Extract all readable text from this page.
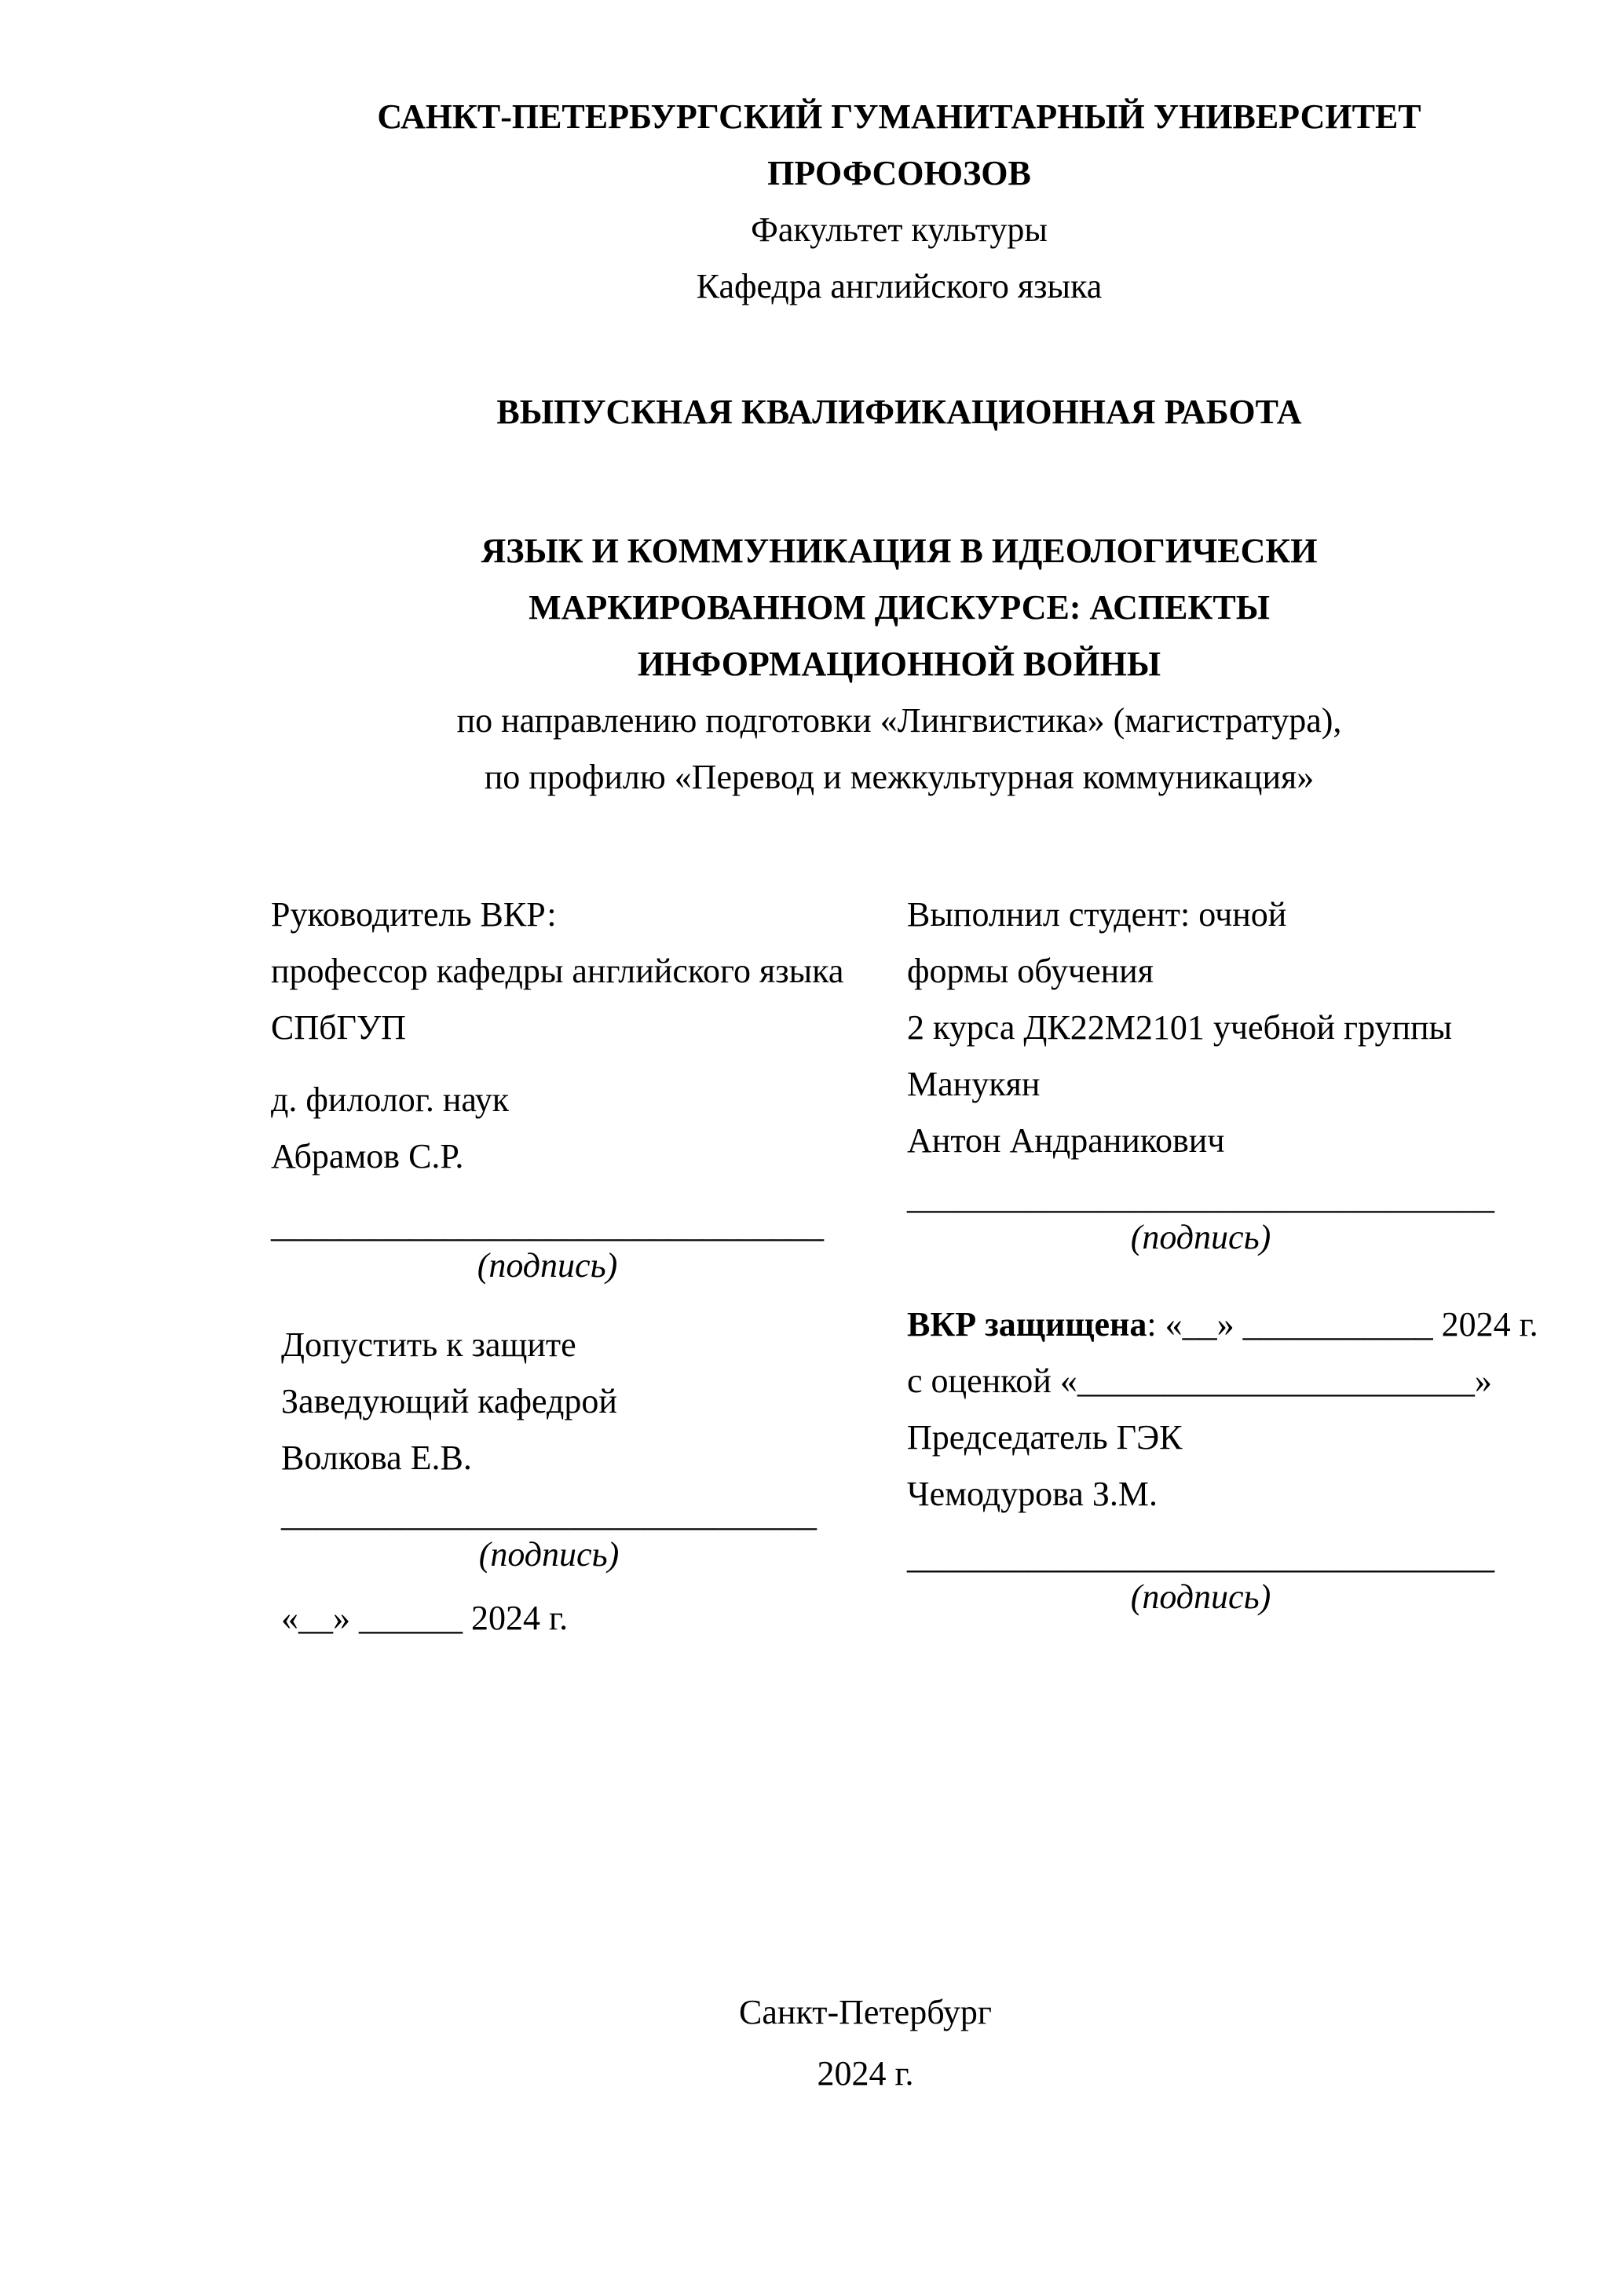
САНКТ-ПЕТЕРБУРГСКИЙ ГУМАНИТАРНЫЙ УНИВЕРСИТЕТ
ПРОФСОЮЗОВ
Факультет культуры
Кафедра английского языка
ВЫПУСКНАЯ КВАЛИФИКАЦИОННАЯ РАБОТА
ЯЗЫК И КОММУНИКАЦИЯ В ИДЕОЛОГИЧЕСКИ
МАРКИРОВАННОМ ДИСКУРСЕ: АСПЕКТЫ
ИНФОРМАЦИОННОЙ ВОЙНЫ
по направлению подготовки «Лингвистика» (магистратура),
по профилю «Перевод и межкультурная коммуникация»
Руководитель ВКР:
профессор кафедры английского языка
СПбГУП
д. филолог. наук
Абрамов С.Р.
________________________________
(подпись)
Допустить к защите
Заведующий кафедрой
Волкова Е.В.
_______________________________
(подпись)
«__» ______ 2024 г.
Выполнил студент: очной
формы обучения
2 курса ДК22М2101 учебной группы
Манукян
Антон Андраникович
__________________________________
(подпись)
ВКР защищена: «__» ___________ 2024 г.
с оценкой «_______________________»
Председатель ГЭК
Чемодурова З.М.
__________________________________
(подпись)
Санкт-Петербург
2024 г.
